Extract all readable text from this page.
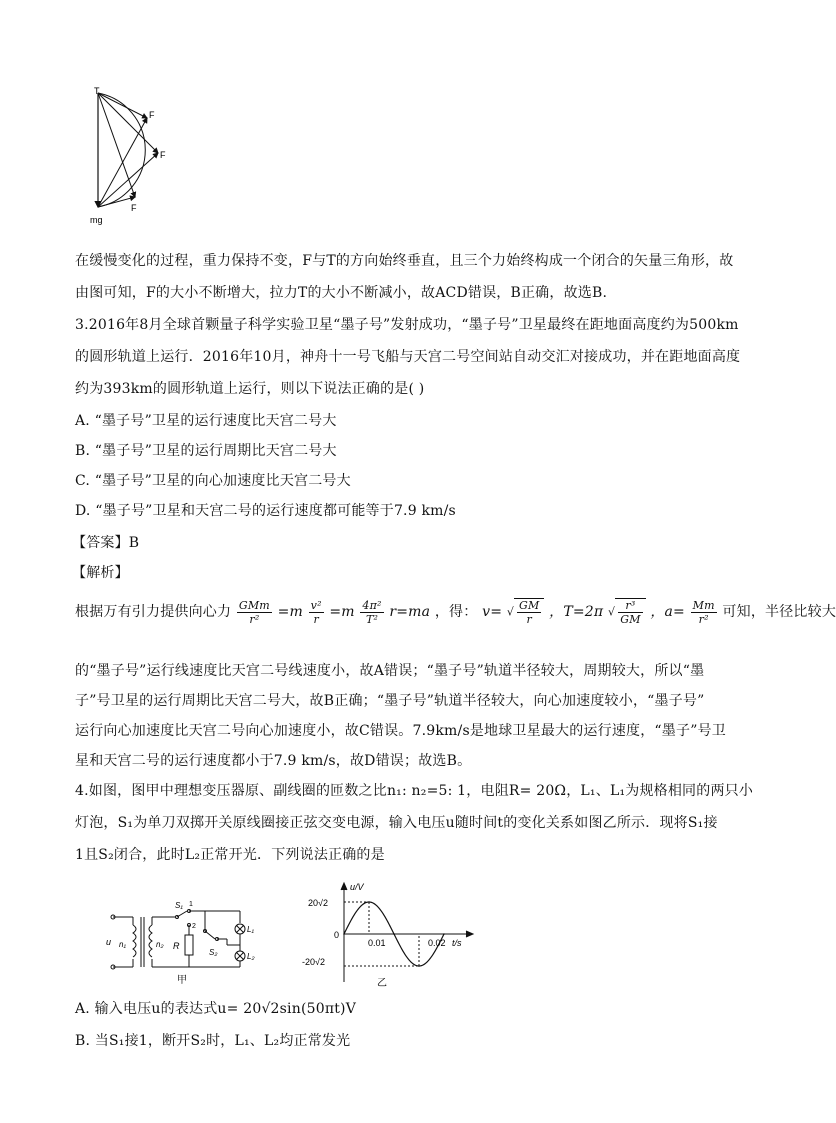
T
F
F
F
mg
在缓慢变化的过程，重力保持不变，F与T的方向始终垂直，且三个力始终构成一个闭合的矢量三角形，故
由图可知，F的大小不断增大，拉力T的大小不断减小，故ACD错误，B正确，故选B.
3.2016年8月全球首颗量子科学实验卫星“墨子号”发射成功，“墨子号”卫星最终在距地面高度约为500km
的圆形轨道上运行．2016年10月，神舟十一号飞船与天宫二号空间站自动交汇对接成功，并在距地面高度
约为393km的圆形轨道上运行，则以下说法正确的是( )
A. “墨子号”卫星的运行速度比天宫二号大
B. “墨子号”卫星的运行周期比天宫二号大
C. “墨子号”卫星的向心加速度比天宫二号大
D. “墨子号”卫星和天宫二号的运行速度都可能等于7.9 km/s
【答案】B
【解析】
根据万有引力提供向心力 $\frac{\text{GMm}}{\text{r²}} =m \frac{\text{v²}}{r} =m \frac{\text{4π²}}{\text{T²}} r=ma$ ，得： v= √ $\frac{GM}{r}$ ，T=2π √ $\frac{\text{r³}}{GM}$ ，$a= \frac{Mm}{\text{r²}}$ 可知，半径比较大
的“墨子号”运行线速度比天宫二号线速度小，故A错误；“墨子号”轨道半径较大，周期较大，所以“墨
子”号卫星的运行周期比天宫二号大，故B正确；“墨子号”轨道半径较大，向心加速度较小，“墨子号”
运行向心加速度比天宫二号向心加速度小，故C错误。7.9km/s是地球卫星最大的运行速度，“墨子”号卫
星和天宫二号的运行速度都小于7.9 km/s，故D错误；故选B。
4.如图，图甲中理想变压器原、副线圈的匝数之比n₁: n₂=5: 1，电阻R= 20Ω，L₁、L₁为规格相同的两只小
灯泡，S₁为单刀双掷开关原线圈接正弦交变电源，输入电压u随时间t的变化关系如图乙所示．现将S₁接
1且S₂闭合，此时L₂正常开光．下列说法正确的是
u n₁	n₂
S₁ 1
2
R
S₂
L₁
L₂
甲
u/V
t/s
20√2
-20√2
0
0.01	0.02
乙
A. 输入电压u的表达式u= 20√2sin(50πt)V
B. 当S₁接1，断开S₂时，L₁、L₂均正常发光
